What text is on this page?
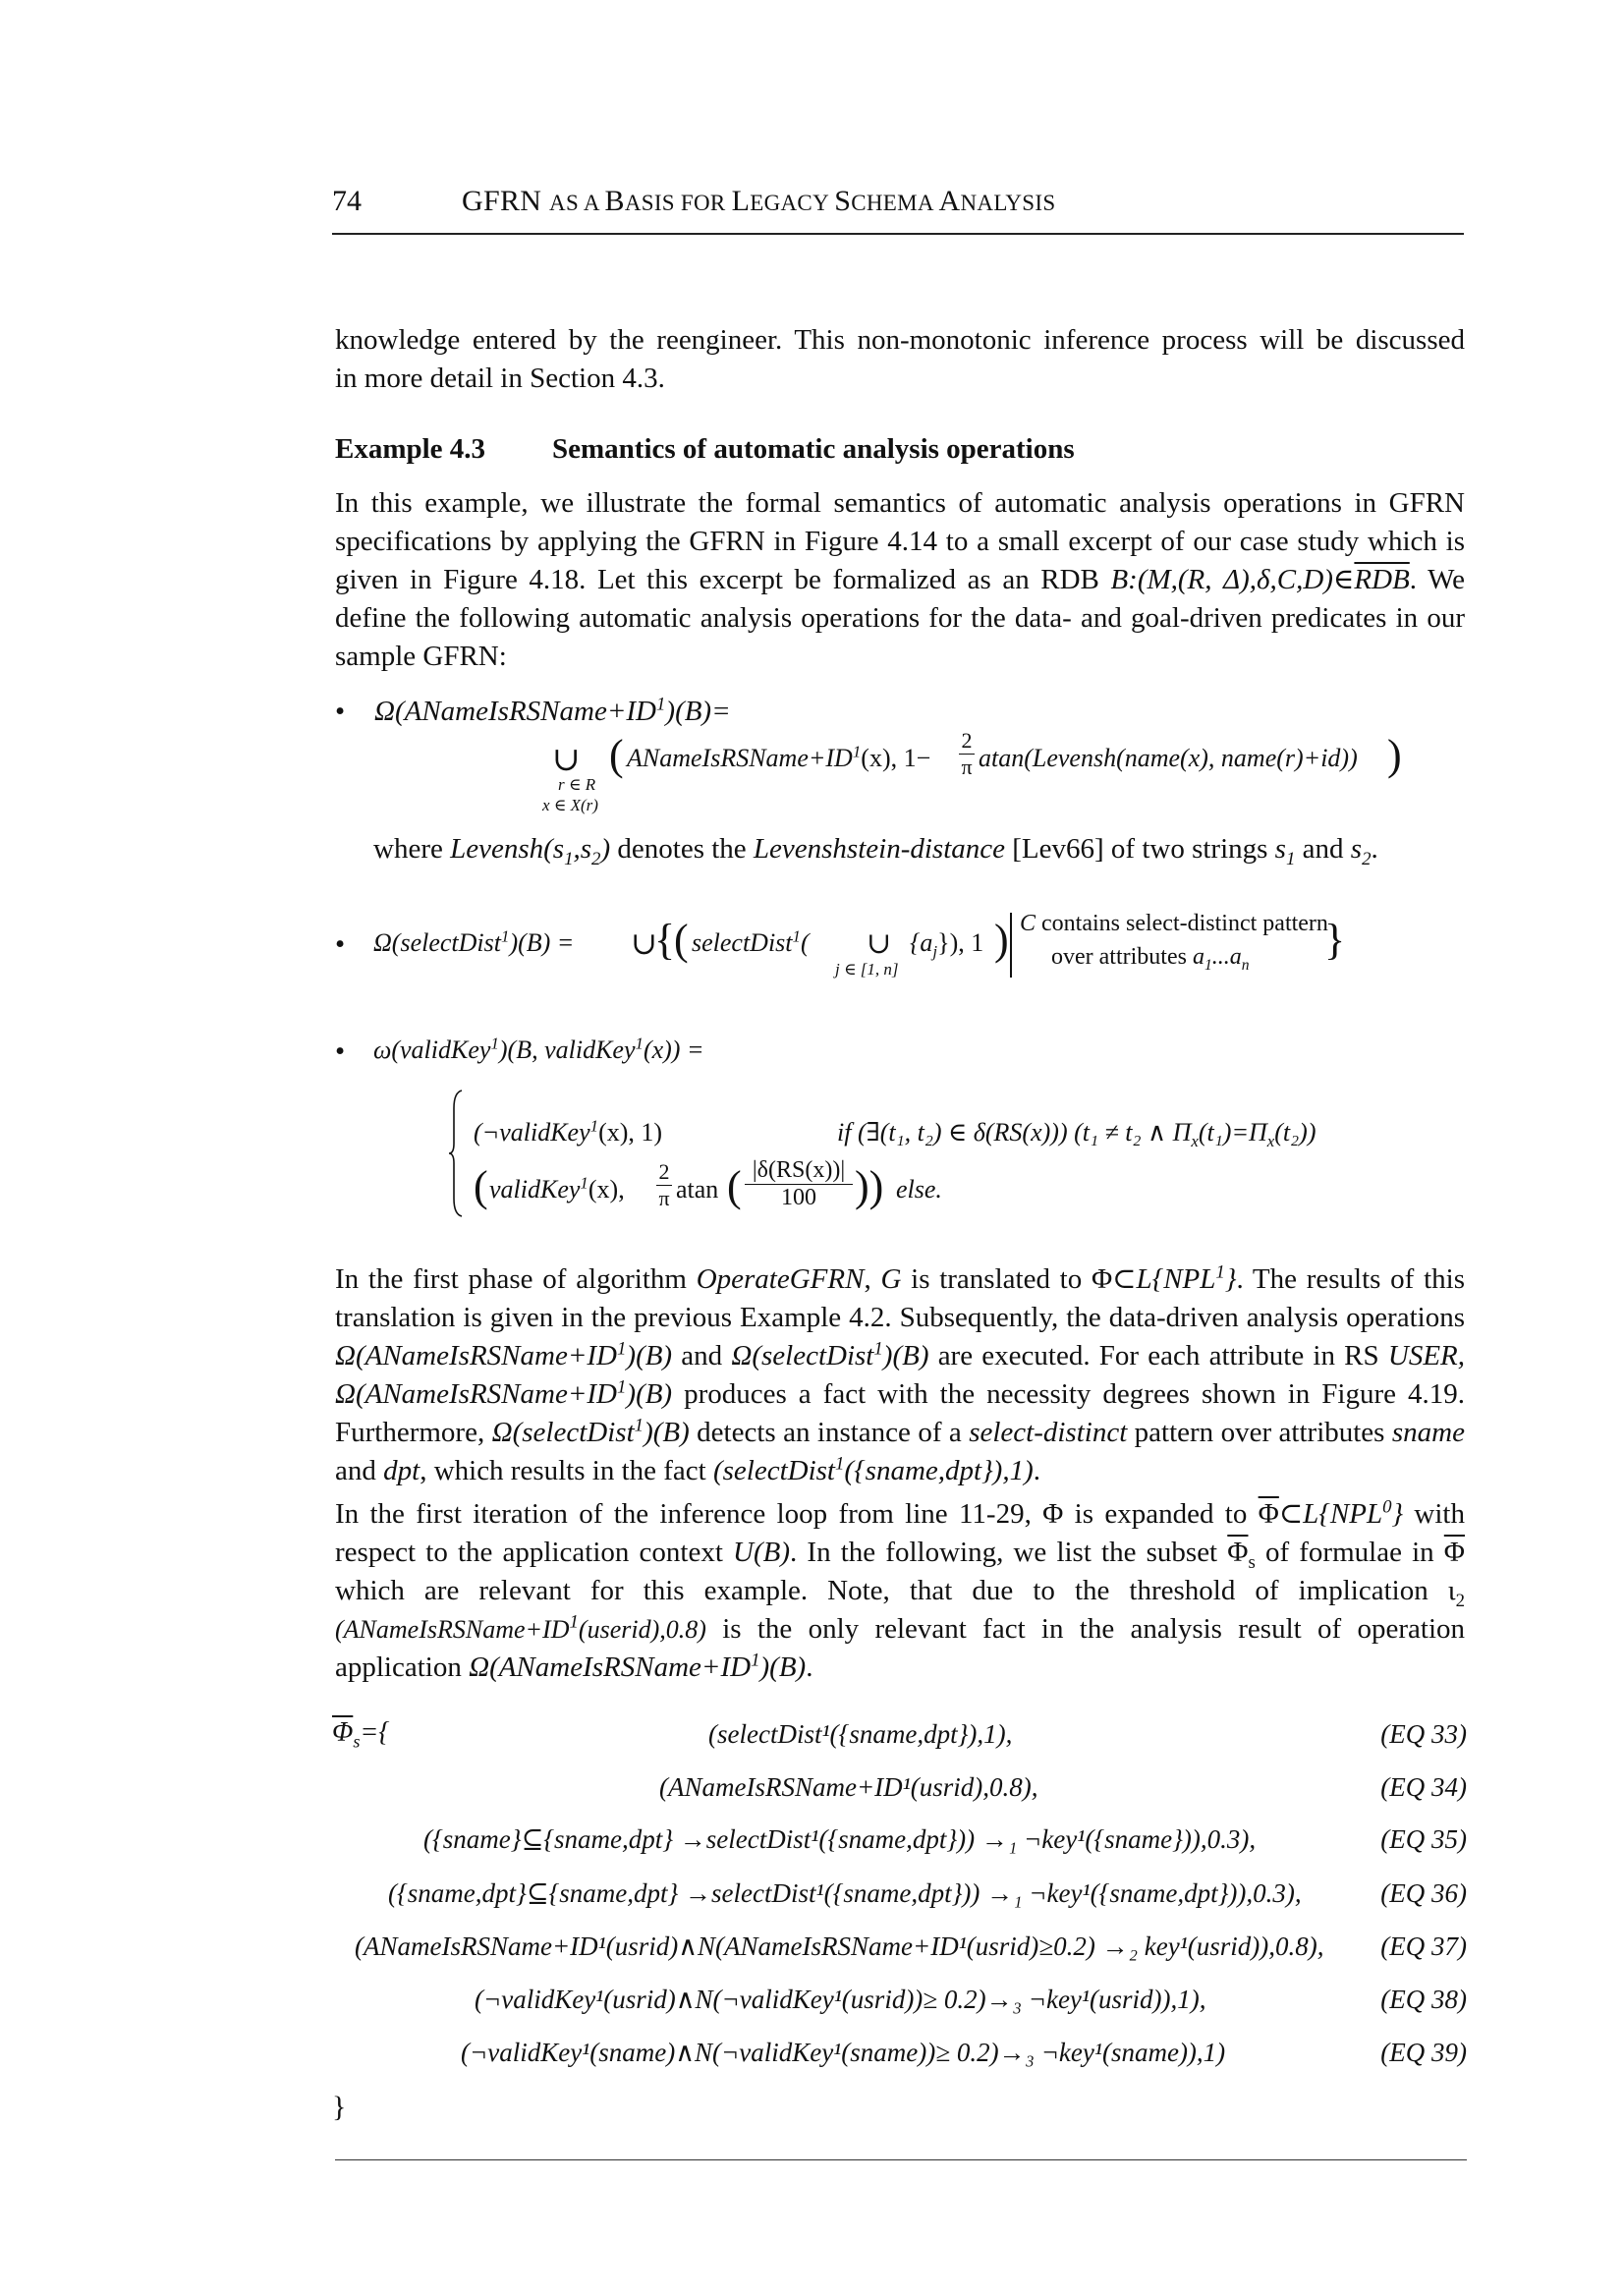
74	GFRN AS A BASIS FOR LEGACY SCHEMA ANALYSIS
knowledge entered by the reengineer. This non-monotonic inference process will be discussed
in more detail in Section 4.3.
Example 4.3 Semantics of automatic analysis operations
In this example, we illustrate the formal semantics of automatic analysis operations in GFRN specifications by applying the GFRN in Figure 4.14 to a small excerpt of our case study which is given in Figure 4.18. Let this excerpt be formalized as an RDB B:(M,(R, $\Delta),\delta,C,D)\in\overline{RDB}$. We define the following automatic analysis operations for the data- and goal-driven predicates in our sample GFRN:
• $\Omega(ANameIsRSName+ID^1)(B)=$
∪
r ∈ R
x ∈ X(r)
( $ANameIsRSName+ID^1(x)$, 1−
2
π atan(Levensh(name(x), name(r)+id)) )
where $Levensh(s_1,s_2)$ denotes the Levenshstein-distance [Lev66] of two strings $s_1$ and $s_2$.
• Ω(selectDist$^1$)(B) = ∪
{
( selectDist$^1$( ∪
j ∈ [1, n]
$\{a_j\}$), 1 ) C contains select-distinct pattern
over attributes $a_1...a_n$
}
• ω(validKey$^1$)(B, validKey$^1$(x)) =
(¬validKey$^1$(x), 1)	if (∃(t₁, t₂) ∈ δ(RS(x))) (t₁ ≠ t₂ ∧ $\Pi_x(t_1)=\Pi_x(t_2)$)
( validKey$^1$(x),
2
π atan ( |δ(RS(x))|
100 )) else.
In the first phase of algorithm OperateGFRN, G is translated to Φ⊂L{NPL$^1$}. The results of this translation is given in the previous Example 4.2. Subsequently, the data-driven analysis operations $\Omega(ANameIsRSName+ID^1)(B)$ and Ω(selectDist$^1$)(B) are executed. For each attribute in RS USER, $\Omega(ANameIsRSName+ID^1)(B)$ produces a fact with the necessity degrees shown in Figure 4.19. Furthermore, Ω(selectDist$^1$)(B) detects an instance of a select-distinct pattern over attributes sname and dpt, which results in the fact (selectDist$^1$({sname,dpt}),1).
In the first iteration of the inference loop from line 11-29, Φ is expanded to $\overline{\Phi}\subset L\{NPL^0\}$ with respect to the application context U(B). In the following, we list the subset $\overline{\Phi}_s$ of formulae in $\overline{\Phi}$ which are relevant for this example. Note, that due to the threshold of implication $\iota_2$ $(ANameIsRSName+ID^1(userid),0.8)$ is the only relevant fact in the analysis result of operation application $\Omega(ANameIsRSName+ID^1)(B)$.
$\overline{\Phi}_s=${	(selectDist¹({sname,dpt}),1),	(EQ 33)
(ANameIsRSName+ID¹(usrid),0.8),	(EQ 34)
({sname}⊆{sname,dpt} →selectDist¹({sname,dpt})) →₁ ¬key¹({sname})),0.3),	(EQ 35)
({sname,dpt}⊆{sname,dpt} →selectDist¹({sname,dpt})) →₁ ¬key¹({sname,dpt})),0.3),	(EQ 36)
(ANameIsRSName+ID¹(usrid)∧N(ANameIsRSName+ID¹(usrid)≥0.2) →₂ key¹(usrid)),0.8), (EQ 37)
(¬validKey¹(usrid)∧N(¬validKey¹(usrid))≥ 0.2)→₃ ¬key¹(usrid)),1),	(EQ 38)
(¬validKey¹(sname)∧N(¬validKey¹(sname))≥ 0.2)→₃ ¬key¹(sname)),1)	(EQ 39)
}
